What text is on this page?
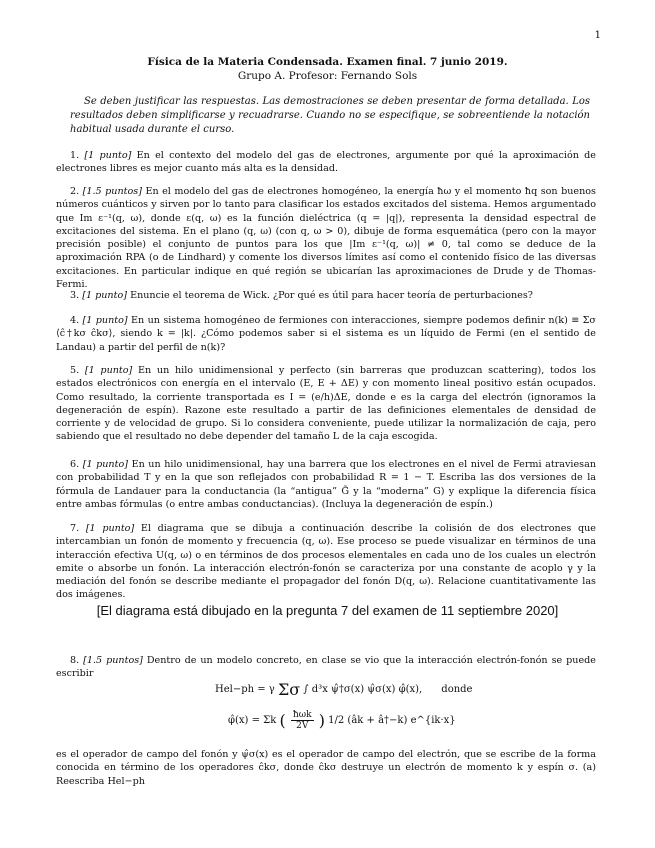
1
Física de la Materia Condensada. Examen final. 7 junio 2019.
Grupo A. Profesor: Fernando Sols
Se deben justificar las respuestas. Las demostraciones se deben presentar de forma detallada. Los resultados deben simplificarse y recuadrarse. Cuando no se especifique, se sobreentiende la notación habitual usada durante el curso.
1. [1 punto] En el contexto del modelo del gas de electrones, argumente por qué la aproximación de electrones libres es mejor cuanto más alta es la densidad.
2. [1.5 puntos] En el modelo del gas de electrones homogéneo, la energía ħω y el momento ħq son buenos números cuánticos y sirven por lo tanto para clasificar los estados excitados del sistema. Hemos argumentado que Im ε⁻¹(q, ω), donde ε(q, ω) es la función dieléctrica (q = |q|), representa la densidad espectral de excitaciones del sistema. En el plano (q, ω) (con q, ω > 0), dibuje de forma esquemática (pero con la mayor precisión posible) el conjunto de puntos para los que |Im ε⁻¹(q, ω)| ≠ 0, tal como se deduce de la aproximación RPA (o de Lindhard) y comente los diversos límites así como el contenido físico de las diversas excitaciones. En particular indique en qué región se ubicarían las aproximaciones de Drude y de Thomas-Fermi.
3. [1 punto] Enuncie el teorema de Wick. ¿Por qué es útil para hacer teoría de perturbaciones?
4. [1 punto] En un sistema homogéneo de fermiones con interacciones, siempre podemos definir n(k) ≡ Σσ ⟨ĉ†kσ ĉkσ⟩, siendo k = |k|. ¿Cómo podemos saber si el sistema es un líquido de Fermi (en el sentido de Landau) a partir del perfil de n(k)?
5. [1 punto] En un hilo unidimensional y perfecto (sin barreras que produzcan scattering), todos los estados electrónicos con energía en el intervalo (E, E + ΔE) y con momento lineal positivo están ocupados. Como resultado, la corriente transportada es I = (e/h)ΔE, donde e es la carga del electrón (ignoramos la degeneración de espín). Razone este resultado a partir de las definiciones elementales de densidad de corriente y de velocidad de grupo. Si lo considera conveniente, puede utilizar la normalización de caja, pero sabiendo que el resultado no debe depender del tamaño L de la caja escogida.
6. [1 punto] En un hilo unidimensional, hay una barrera que los electrones en el nivel de Fermi atraviesan con probabilidad T y en la que son reflejados con probabilidad R = 1 − T. Escriba las dos versiones de la fórmula de Landauer para la conductancia (la “antigua” G̃ y la “moderna” G) y explique la diferencia física entre ambas fórmulas (o entre ambas conductancias). (Incluya la degeneración de espín.)
7. [1 punto] El diagrama que se dibuja a continuación describe la colisión de dos electrones que intercambian un fonón de momento y frecuencia (q, ω). Ese proceso se puede visualizar en términos de una interacción efectiva U(q, ω) o en términos de dos procesos elementales en cada uno de los cuales un electrón emite o absorbe un fonón. La interacción electrón-fonón se caracteriza por una constante de acoplo γ y la mediación del fonón se describe mediante el propagador del fonón D(q, ω). Relacione cuantitativamente las dos imágenes.
[El diagrama está dibujado en la pregunta 7 del examen de 11 septiembre 2020]
8. [1.5 puntos] Dentro de un modelo concreto, en clase se vio que la interacción electrón-fonón se puede escribir
Hel−ph = γ Σσ ∫ d³x ψ̂†σ(x) ψ̂σ(x) φ̂(x), donde
φ̂(x) = Σk ( $\frac{\text{ħωk}}{2V}$ ) 1/2 (âk + â†−k) e^{ik·x}
es el operador de campo del fonón y ψ̂σ(x) es el operador de campo del electrón, que se escribe de la forma conocida en término de los operadores ĉkσ, donde ĉkσ destruye un electrón de momento k y espín σ. (a) Reescriba Hel−ph
